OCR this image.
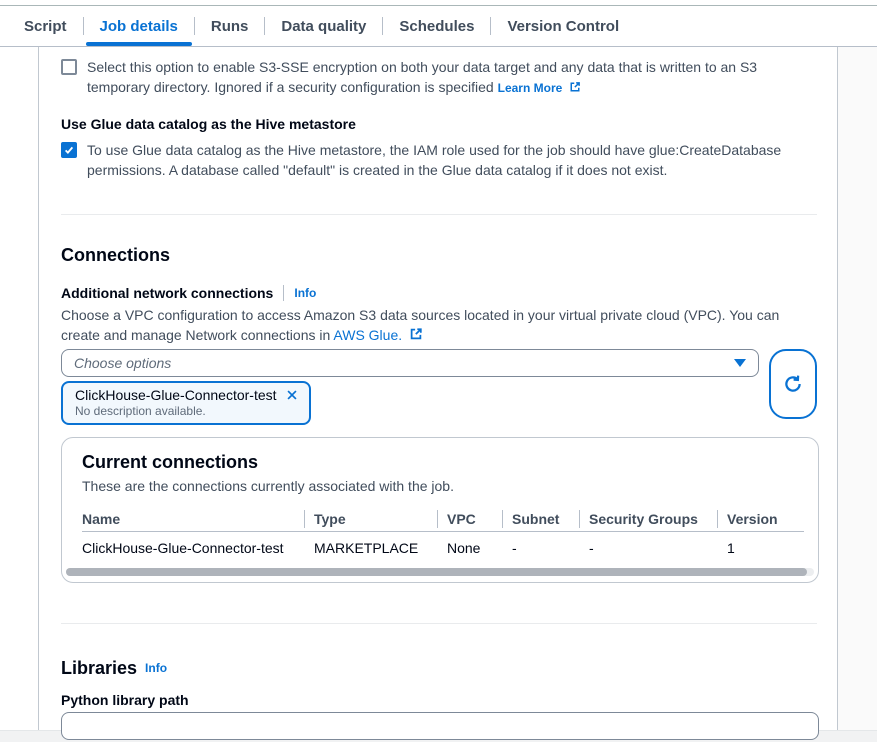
Script Job details Runs Data quality Schedules Version Control
Select this option to enable S3-SSE encryption on both your data target and any data that is written to an S3 temporary directory. Ignored if a security configuration is specified Learn More
Use Glue data catalog as the Hive metastore
To use Glue data catalog as the Hive metastore, the IAM role used for the job should have glue:CreateDatabase permissions. A database called "default" is created in the Glue data catalog if it does not exist.
Connections
Additional network connections Info

Choose a VPC configuration to access Amazon S3 data sources located in your virtual private cloud (VPC). You can create and manage Network connections in AWS Glue.

Choose options
ClickHouse-Glue-Connector-test
No description available.
Current connections
These are the connections currently associated with the job.
Name	Type	VPC	Subnet	Security Groups	Version
ClickHouse-Glue-Connector-test	MARKETPLACE	None	-	-	1
Libraries Info
Python library path
